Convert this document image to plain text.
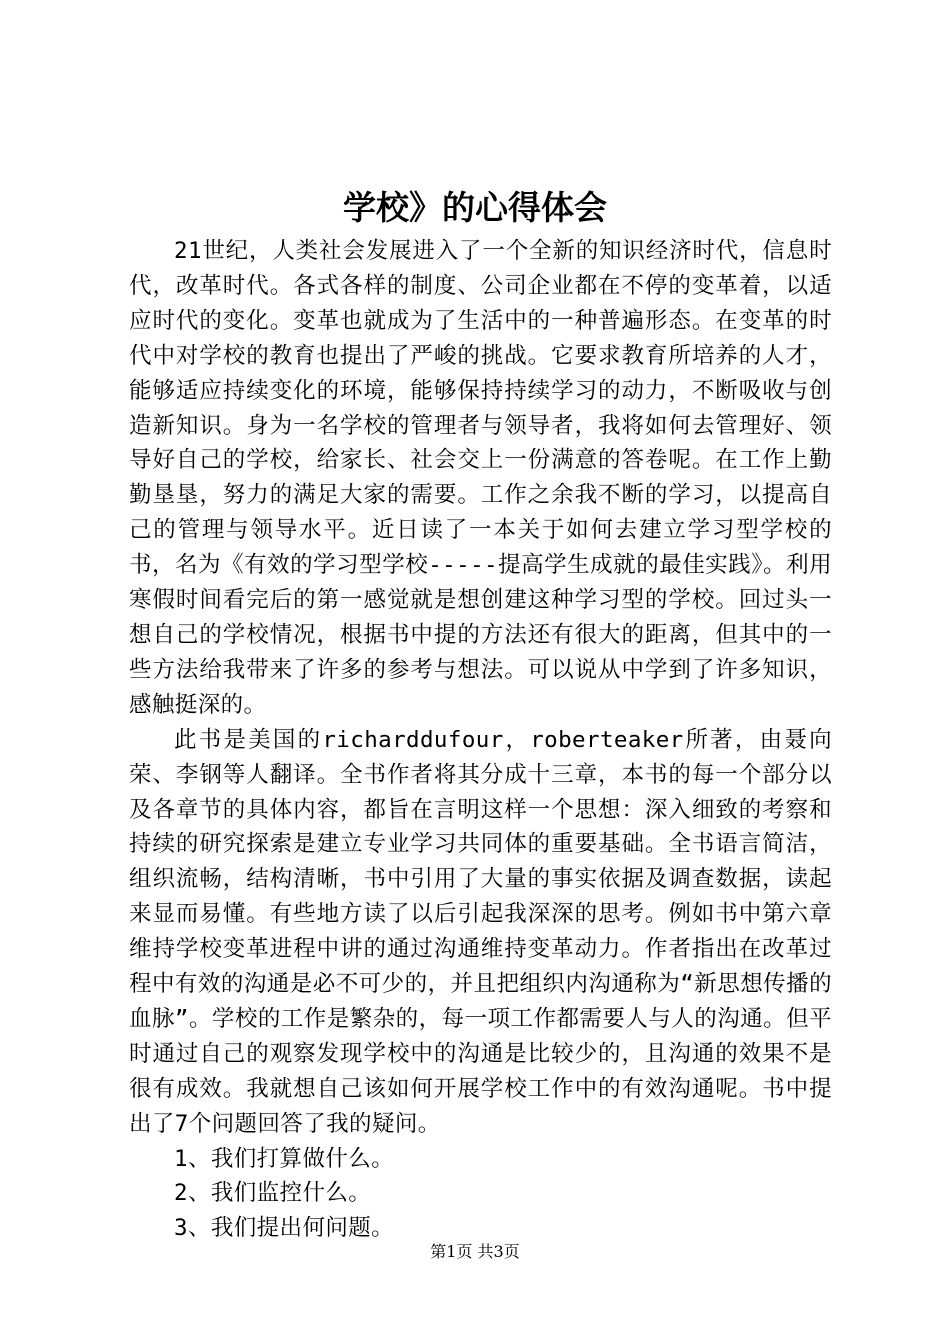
学校》的心得体会

21世纪，人类社会发展进入了一个全新的知识经济时代，信息时代，改革时代。各式各样的制度、公司企业都在不停的变革着，以适应时代的变化。变革也就成为了生活中的一种普遍形态。在变革的时代中对学校的教育也提出了严峻的挑战。它要求教育所培养的人才，能够适应持续变化的环境，能够保持持续学习的动力，不断吸收与创造新知识。身为一名学校的管理者与领导者，我将如何去管理好、领导好自己的学校，给家长、社会交上一份满意的答卷呢。在工作上勤勤垦垦，努力的满足大家的需要。工作之余我不断的学习，以提高自己的管理与领导水平。近日读了一本关于如何去建立学习型学校的书，名为《有效的学习型学校-----提高学生成就的最佳实践》。利用寒假时间看完后的第一感觉就是想创建这种学习型的学校。回过头一想自己的学校情况，根据书中提的方法还有很大的距离，但其中的一些方法给我带来了许多的参考与想法。可以说从中学到了许多知识，感触挺深的。

此书是美国的richarddufour，roberteaker所著，由聂向荣、李钢等人翻译。全书作者将其分成十三章，本书的每一个部分以及各章节的具体内容，都旨在言明这样一个思想：深入细致的考察和持续的研究探索是建立专业学习共同体的重要基础。全书语言简洁，组织流畅，结构清晰，书中引用了大量的事实依据及调查数据，读起来显而易懂。有些地方读了以后引起我深深的思考。例如书中第六章维持学校变革进程中讲的通过沟通维持变革动力。作者指出在改革过程中有效的沟通是必不可少的，并且把组织内沟通称为“新思想传播的血脉”。学校的工作是繁杂的，每一项工作都需要人与人的沟通。但平时通过自己的观察发现学校中的沟通是比较少的，且沟通的效果不是很有成效。我就想自己该如何开展学校工作中的有效沟通呢。书中提出了7个问题回答了我的疑问。

1、我们打算做什么。

2、我们监控什么。

3、我们提出何问题。

第1页 共3页
